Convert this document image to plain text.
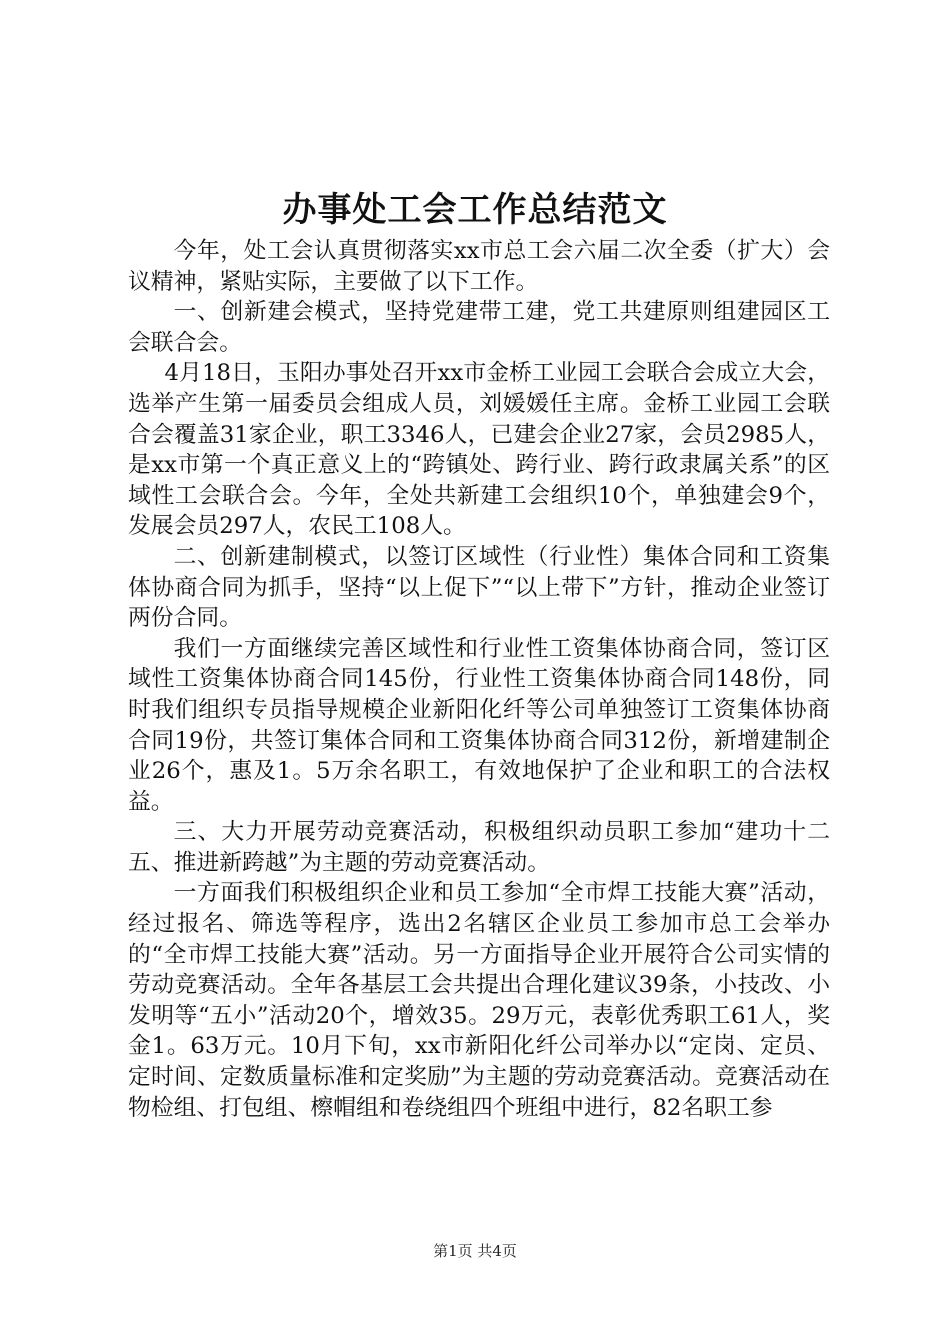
办事处工会工作总结范文

今年，处工会认真贯彻落实xx市总工会六届二次全委（扩大）会议精神，紧贴实际，主要做了以下工作。

一、创新建会模式，坚持党建带工建，党工共建原则组建园区工会联合会。

4月18日，玉阳办事处召开xx市金桥工业园工会联合会成立大会，选举产生第一届委员会组成人员，刘媛媛任主席。金桥工业园工会联合会覆盖31家企业，职工3346人，已建会企业27家，会员2985人，是xx市第一个真正意义上的“跨镇处、跨行业、跨行政隶属关系”的区域性工会联合会。今年，全处共新建工会组织10个，单独建会9个，发展会员297人，农民工108人。

二、创新建制模式，以签订区域性（行业性）集体合同和工资集体协商合同为抓手，坚持“以上促下”“以上带下”方针，推动企业签订两份合同。

我们一方面继续完善区域性和行业性工资集体协商合同，签订区域性工资集体协商合同145份，行业性工资集体协商合同148份，同时我们组织专员指导规模企业新阳化纤等公司单独签订工资集体协商合同19份，共签订集体合同和工资集体协商合同312份，新增建制企业26个，惠及1。5万余名职工，有效地保护了企业和职工的合法权益。

三、大力开展劳动竞赛活动，积极组织动员职工参加“建功十二五、推进新跨越”为主题的劳动竞赛活动。

一方面我们积极组织企业和员工参加“全市焊工技能大赛”活动，经过报名、筛选等程序，选出2名辖区企业员工参加市总工会举办的“全市焊工技能大赛”活动。另一方面指导企业开展符合公司实情的劳动竞赛活动。全年各基层工会共提出合理化建议39条，小技改、小发明等“五小”活动20个，增效35。29万元，表彰优秀职工61人，奖金1。63万元。10月下旬，xx市新阳化纤公司举办以“定岗、定员、定时间、定数质量标准和定奖励”为主题的劳动竞赛活动。竞赛活动在物检组、打包组、檫帽组和卷绕组四个班组中进行，82名职工参

第1页 共4页
